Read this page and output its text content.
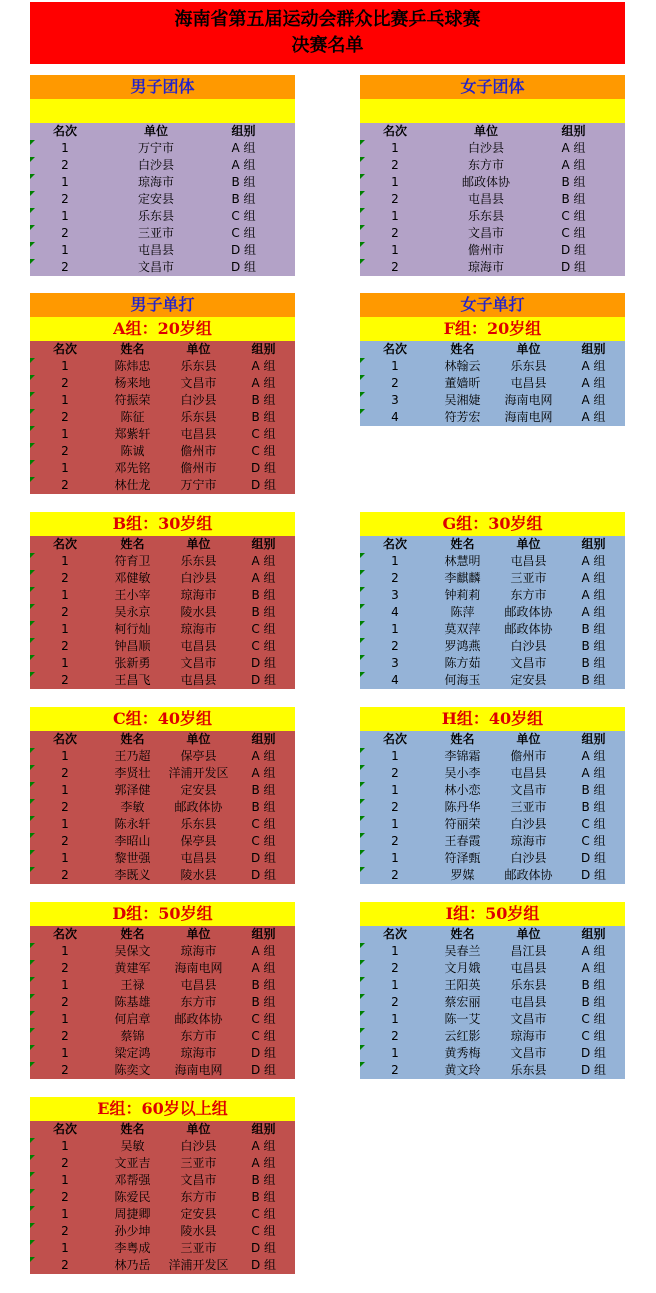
海南省第五届运动会群众比赛乒乓球赛
决赛名单
男子团体
名次	单位	组别
1	万宁市	A 组
2	白沙县	A 组
1	琼海市	B 组
2	定安县	B 组
1	乐东县	C 组
2	三亚市	C 组
1	屯昌县	D 组
2	文昌市	D 组
女子团体
名次	单位	组别
1	白沙县	A 组
2	东方市	A 组
1	邮政体协	B 组
2	屯昌县	B 组
1	乐东县	C 组
2	文昌市	C 组
1	儋州市	D 组
2	琼海市	D 组
男子单打
A组：20岁组
名次	姓名	单位	组别
1	陈炜忠	乐东县	A 组
2	杨来地	文昌市	A 组
1	符振荣	白沙县	B 组
2	陈征	乐东县	B 组
1	郑紫轩	屯昌县	C 组
2	陈诚	儋州市	C 组
1	邓先铭	儋州市	D 组
2	林仕龙	万宁市	D 组
女子单打
F组：20岁组
名次	姓名	单位	组别
1	林翰云	乐东县	A 组
2	董嫱昕	屯昌县	A 组
3	吴湘婕	海南电网	A 组
4	符芳宏	海南电网	A 组
B组：30岁组
名次	姓名	单位	组别
1	符育卫	乐东县	A 组
2	邓健敏	白沙县	A 组
1	王小宰	琼海市	B 组
2	吴永京	陵水县	B 组
1	柯行灿	琼海市	C 组
2	钟昌顺	屯昌县	C 组
1	张新勇	文昌市	D 组
2	王昌飞	屯昌县	D 组
G组：30岁组
名次	姓名	单位	组别
1	林慧明	屯昌县	A 组
2	李麒麟	三亚市	A 组
3	钟莉莉	东方市	A 组
4	陈萍	邮政体协	A 组
1	莫双萍	邮政体协	B 组
2	罗鸿燕	白沙县	B 组
3	陈方茹	文昌市	B 组
4	何海玉	定安县	B 组
C组：40岁组
名次	姓名	单位	组别
1	王乃超	保亭县	A 组
2	李贤壮	洋浦开发区	A 组
1	郭泽健	定安县	B 组
2	李敏	邮政体协	B 组
1	陈永轩	乐东县	C 组
2	李昭山	保亭县	C 组
1	黎世强	屯昌县	D 组
2	李既义	陵水县	D 组
H组：40岁组
名次	姓名	单位	组别
1	李锦霜	儋州市	A 组
2	吴小李	屯昌县	A 组
1	林小恋	文昌市	B 组
2	陈丹华	三亚市	B 组
1	符丽荣	白沙县	C 组
2	王春霞	琼海市	C 组
1	符泽甄	白沙县	D 组
2	罗媒	邮政体协	D 组
D组：50岁组
名次	姓名	单位	组别
1	吴保文	琼海市	A 组
2	黄建军	海南电网	A 组
1	王禄	屯昌县	B 组
2	陈基雄	东方市	B 组
1	何启章	邮政体协	C 组
2	蔡锦	东方市	C 组
1	梁定鸿	琼海市	D 组
2	陈奕文	海南电网	D 组
I组：50岁组
名次	姓名	单位	组别
1	吴春兰	昌江县	A 组
2	文月娥	屯昌县	A 组
1	王阳英	乐东县	B 组
2	蔡宏丽	屯昌县	B 组
1	陈一艾	文昌市	C 组
2	云红影	琼海市	C 组
1	黄秀梅	文昌市	D 组
2	黄文玲	乐东县	D 组
E组：60岁以上组
名次	姓名	单位	组别
1	吴敏	白沙县	A 组
2	文亚吉	三亚市	A 组
1	邓帮强	文昌市	B 组
2	陈爱民	东方市	B 组
1	周捷卿	定安县	C 组
2	孙少坤	陵水县	C 组
1	李粤成	三亚市	D 组
2	林乃岳	洋浦开发区	D 组
